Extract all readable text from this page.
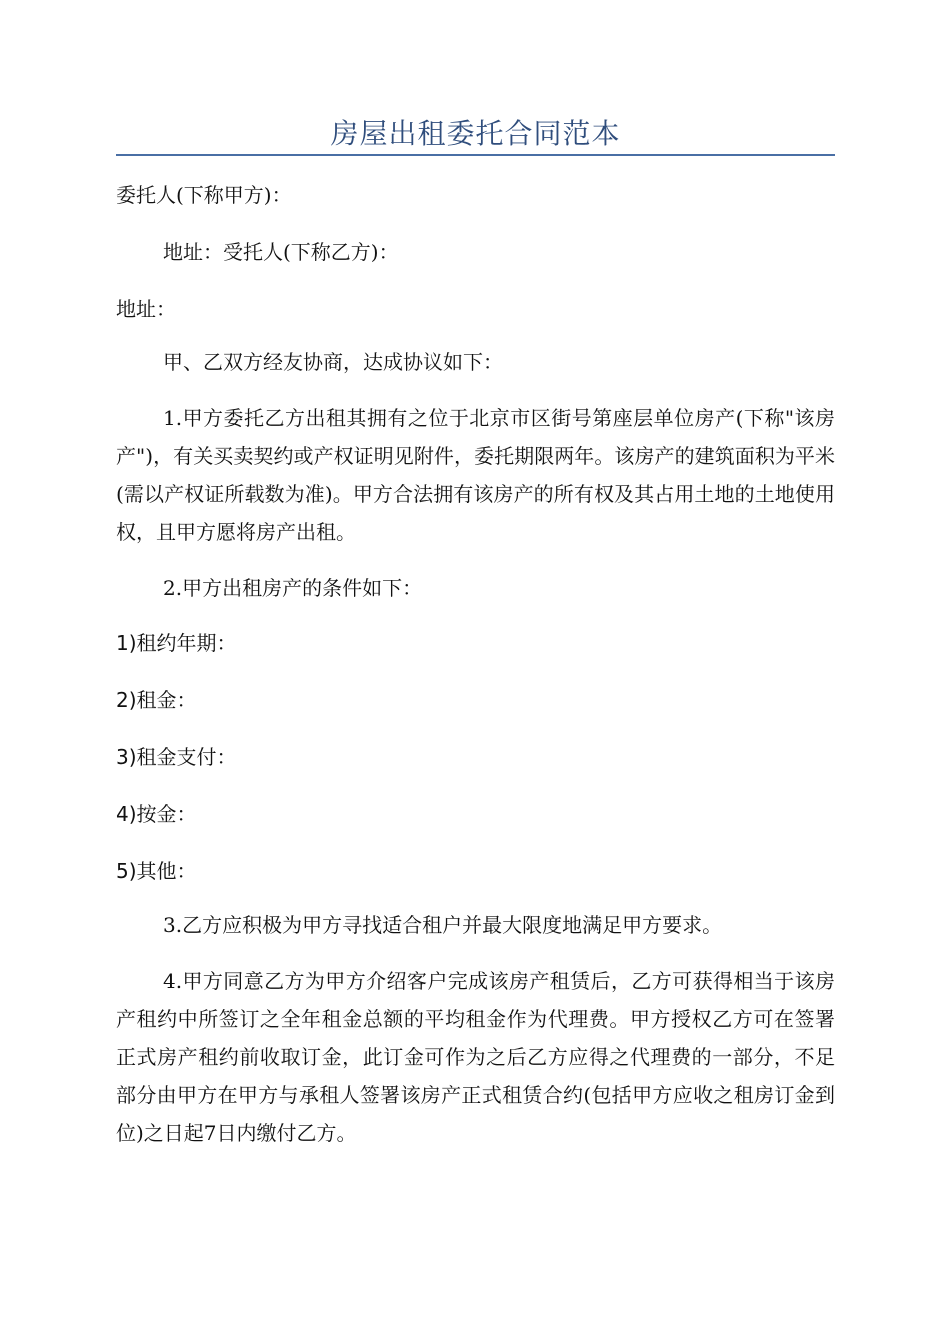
房屋出租委托合同范本

委托人(下称甲方)：

地址：受托人(下称乙方)：

地址：

甲、乙双方经友协商，达成协议如下：

1.甲方委托乙方出租其拥有之位于北京市区街号第座层单位房产(下称"该房产")，有关买卖契约或产权证明见附件，委托期限两年。该房产的建筑面积为平米(需以产权证所载数为准)。甲方合法拥有该房产的所有权及其占用土地的土地使用权，且甲方愿将房产出租。

2.甲方出租房产的条件如下：

1)租约年期：

2)租金：

3)租金支付：

4)按金：

5)其他：

3.乙方应积极为甲方寻找适合租户并最大限度地满足甲方要求。

4.甲方同意乙方为甲方介绍客户完成该房产租赁后，乙方可获得相当于该房产租约中所签订之全年租金总额的平均租金作为代理费。甲方授权乙方可在签署正式房产租约前收取订金，此订金可作为之后乙方应得之代理费的一部分，不足部分由甲方在甲方与承租人签署该房产正式租赁合约(包括甲方应收之租房订金到位)之日起7日内缴付乙方。
